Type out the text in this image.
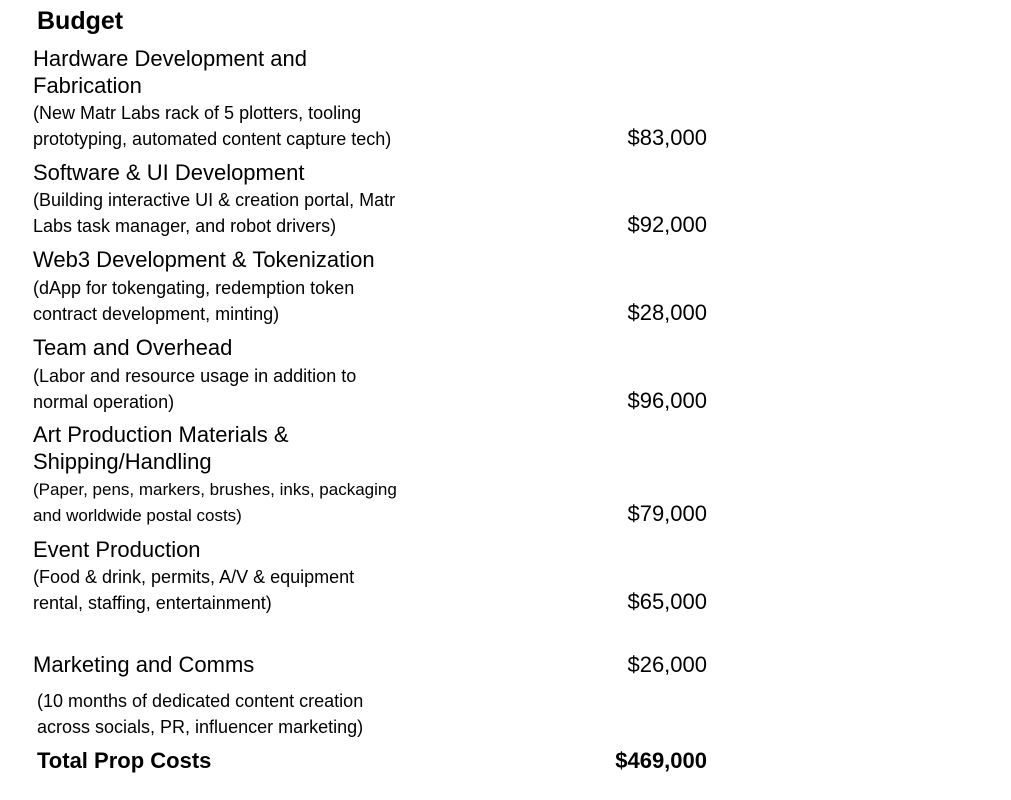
Budget
Hardware Development and
Fabrication
(New Matr Labs rack of 5 plotters, tooling
prototyping, automated content capture tech)	$83,000
Software & UI Development
(Building interactive UI & creation portal, Matr
Labs task manager, and robot drivers)	$92,000
Web3 Development & Tokenization
(dApp for tokengating, redemption token
contract development, minting)	$28,000
Team and Overhead
(Labor and resource usage in addition to
normal operation)	$96,000
Art Production Materials &
Shipping/Handling
(Paper, pens, markers, brushes, inks, packaging
and worldwide postal costs)	$79,000
Event Production
(Food & drink, permits, A/V & equipment
rental, staffing, entertainment)	$65,000
Marketing and Comms	$26,000
(10 months of dedicated content creation
across socials, PR, influencer marketing)
Total Prop Costs	$469,000
